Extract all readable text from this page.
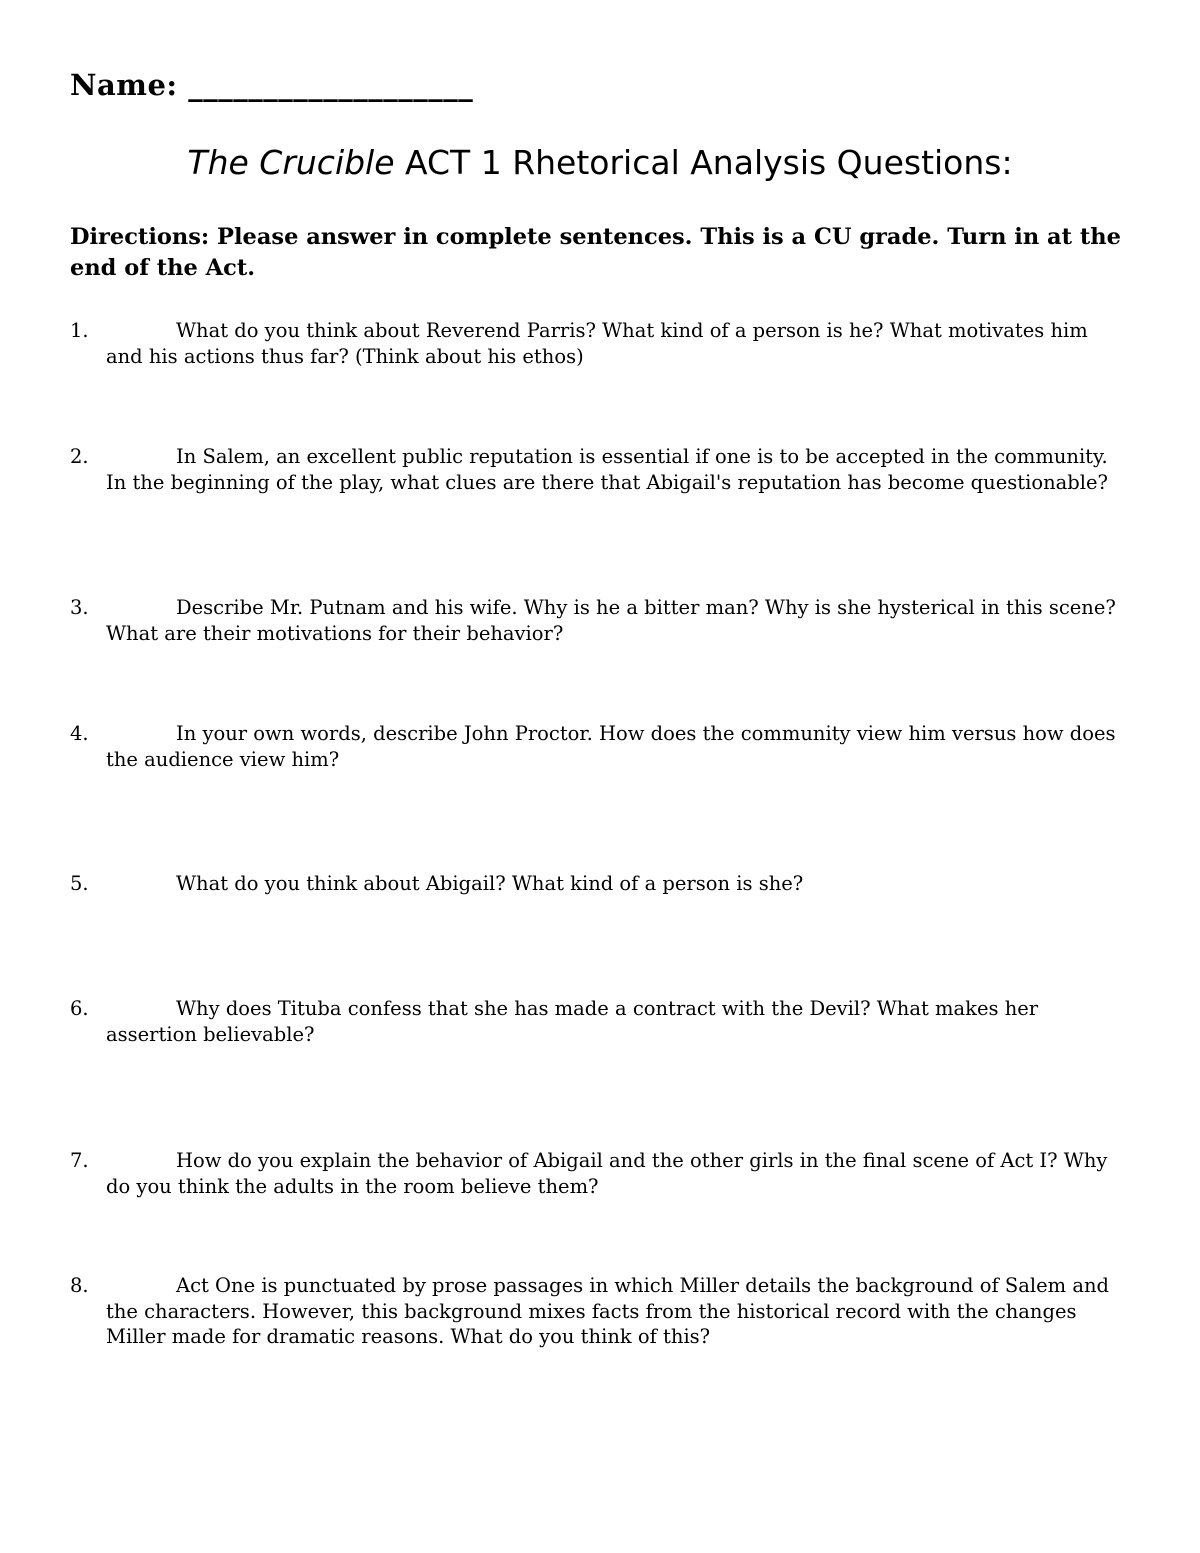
Name: ___________________
The Crucible ACT 1 Rhetorical Analysis Questions:
Directions: Please answer in complete sentences. This is a CU grade. Turn in at the end of the Act.
1.	What do you think about Reverend Parris? What kind of a person is he? What motivates him and his actions thus far? (Think about his ethos)
2.	In Salem, an excellent public reputation is essential if one is to be accepted in the community. In the beginning of the play, what clues are there that Abigail's reputation has become questionable?
3.	Describe Mr. Putnam and his wife. Why is he a bitter man? Why is she hysterical in this scene? What are their motivations for their behavior?
4.	In your own words, describe John Proctor. How does the community view him versus how does the audience view him?
5.	What do you think about Abigail? What kind of a person is she?
6.	Why does Tituba confess that she has made a contract with the Devil? What makes her assertion believable?
7.	How do you explain the behavior of Abigail and the other girls in the final scene of Act I? Why do you think the adults in the room believe them?
8.	Act One is punctuated by prose passages in which Miller details the background of Salem and the characters. However, this background mixes facts from the historical record with the changes Miller made for dramatic reasons. What do you think of this?
